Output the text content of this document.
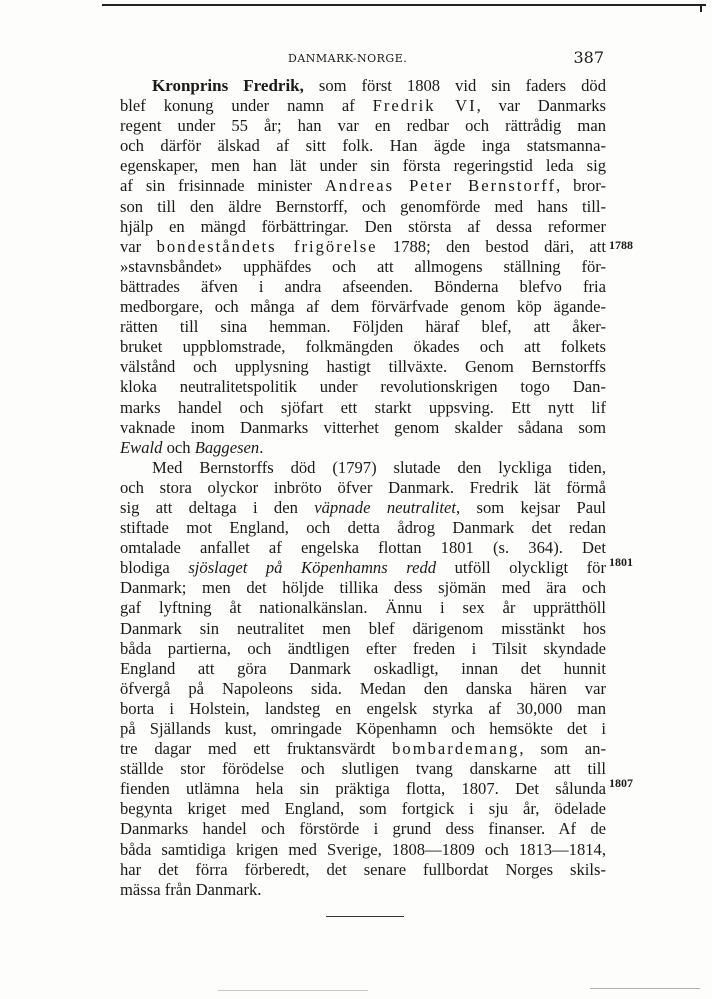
DANMARK-NORGE.	387
Kronprins Fredrik, som först 1808 vid sin faders död
blef konung under namn af Fredrik VI, var Danmarks
regent under 55 år; han var en redbar och rättrådig man
och därför älskad af sitt folk. Han ägde inga statsmanna-
egenskaper, men han lät under sin första regeringstid leda sig
af sin frisinnade minister Andreas Peter Bernstorff, bror-
son till den äldre Bernstorff, och genomförde med hans till-
hjälp en mängd förbättringar. Den största af dessa reformer
var bondeståndets frigörelse 1788; den bestod däri, att
»stavnsbåndet» upphäfdes och att allmogens ställning för-
bättrades äfven i andra afseenden. Bönderna blefvo fria
medborgare, och många af dem förvärfvade genom köp ägande-
rätten till sina hemman. Följden häraf blef, att åker-
bruket uppblomstrade, folkmängden ökades och att folkets
välstånd och upplysning hastigt tillväxte. Genom Bernstorffs
kloka neutralitetspolitik under revolutionskrigen togo Dan-
marks handel och sjöfart ett starkt uppsving. Ett nytt lif
vaknade inom Danmarks vitterhet genom skalder sådana som
Ewald och Baggesen.
Med Bernstorffs död (1797) slutade den lyckliga tiden,
och stora olyckor inbröto öfver Danmark. Fredrik lät förmå
sig att deltaga i den väpnade neutralitet, som kejsar Paul
stiftade mot England, och detta ådrog Danmark det redan
omtalade anfallet af engelska flottan 1801 (s. 364). Det
blodiga sjöslaget på Köpenhamns redd utföll olyckligt för
Danmark; men det höljde tillika dess sjömän med ära och
gaf lyftning åt nationalkänslan. Ännu i sex år upprätthöll
Danmark sin neutralitet men blef därigenom misstänkt hos
båda partierna, och ändtligen efter freden i Tilsit skyndade
England att göra Danmark oskadligt, innan det hunnit
öfvergå på Napoleons sida. Medan den danska hären var
borta i Holstein, landsteg en engelsk styrka af 30,000 man
på Själlands kust, omringade Köpenhamn och hemsökte det i
tre dagar med ett fruktansvärdt bombardemang, som an-
ställde stor förödelse och slutligen tvang danskarne att till
fienden utlämna hela sin präktiga flotta, 1807. Det sålunda
begynta kriget med England, som fortgick i sju år, ödelade
Danmarks handel och förstörde i grund dess finanser. Af de
båda samtidiga krigen med Sverige, 1808—1809 och 1813—1814,
har det förra förberedt, det senare fullbordat Norges skils-
mässa från Danmark.
1788
1801
1807
